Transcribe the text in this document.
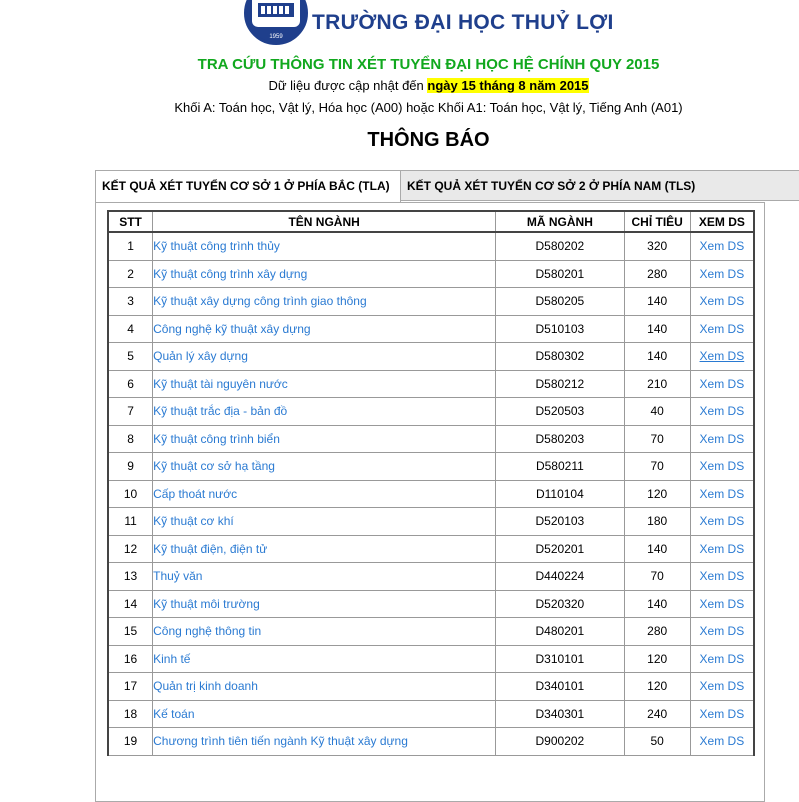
1959
TRƯỜNG ĐẠI HỌC THUỶ LỢI
TRA CỨU THÔNG TIN XÉT TUYỂN ĐẠI HỌC HỆ CHÍNH QUY 2015
Dữ liệu được cập nhật đến ngày 15 tháng 8 năm 2015
Khối A: Toán học, Vật lý, Hóa học (A00) hoặc Khối A1: Toán học, Vật lý, Tiếng Anh (A01)
THÔNG BÁO
KẾT QUẢ XÉT TUYỂN CƠ SỞ 1 Ở PHÍA BẮC (TLA)	KẾT QUẢ XÉT TUYỂN CƠ SỞ 2 Ở PHÍA NAM (TLS)
STT	TÊN NGÀNH	MÃ NGÀNH	CHỈ TIÊU	XEM DS
1	Kỹ thuật công trình thủy	D580202	320	Xem DS
2	Kỹ thuật công trình xây dựng	D580201	280	Xem DS
3	Kỹ thuật xây dựng công trình giao thông	D580205	140	Xem DS
4	Công nghệ kỹ thuật xây dựng	D510103	140	Xem DS
5	Quản lý xây dựng	D580302	140	Xem DS
6	Kỹ thuật tài nguyên nước	D580212	210	Xem DS
7	Kỹ thuật trắc địa - bản đồ	D520503	40	Xem DS
8	Kỹ thuật công trình biển	D580203	70	Xem DS
9	Kỹ thuật cơ sở hạ tầng	D580211	70	Xem DS
10	Cấp thoát nước	D110104	120	Xem DS
11	Kỹ thuật cơ khí	D520103	180	Xem DS
12	Kỹ thuật điện, điện tử	D520201	140	Xem DS
13	Thuỷ văn	D440224	70	Xem DS
14	Kỹ thuật môi trường	D520320	140	Xem DS
15	Công nghệ thông tin	D480201	280	Xem DS
16	Kinh tế	D310101	120	Xem DS
17	Quản trị kinh doanh	D340101	120	Xem DS
18	Kế toán	D340301	240	Xem DS
19	Chương trình tiên tiến ngành Kỹ thuật xây dựng	D900202	50	Xem DS
